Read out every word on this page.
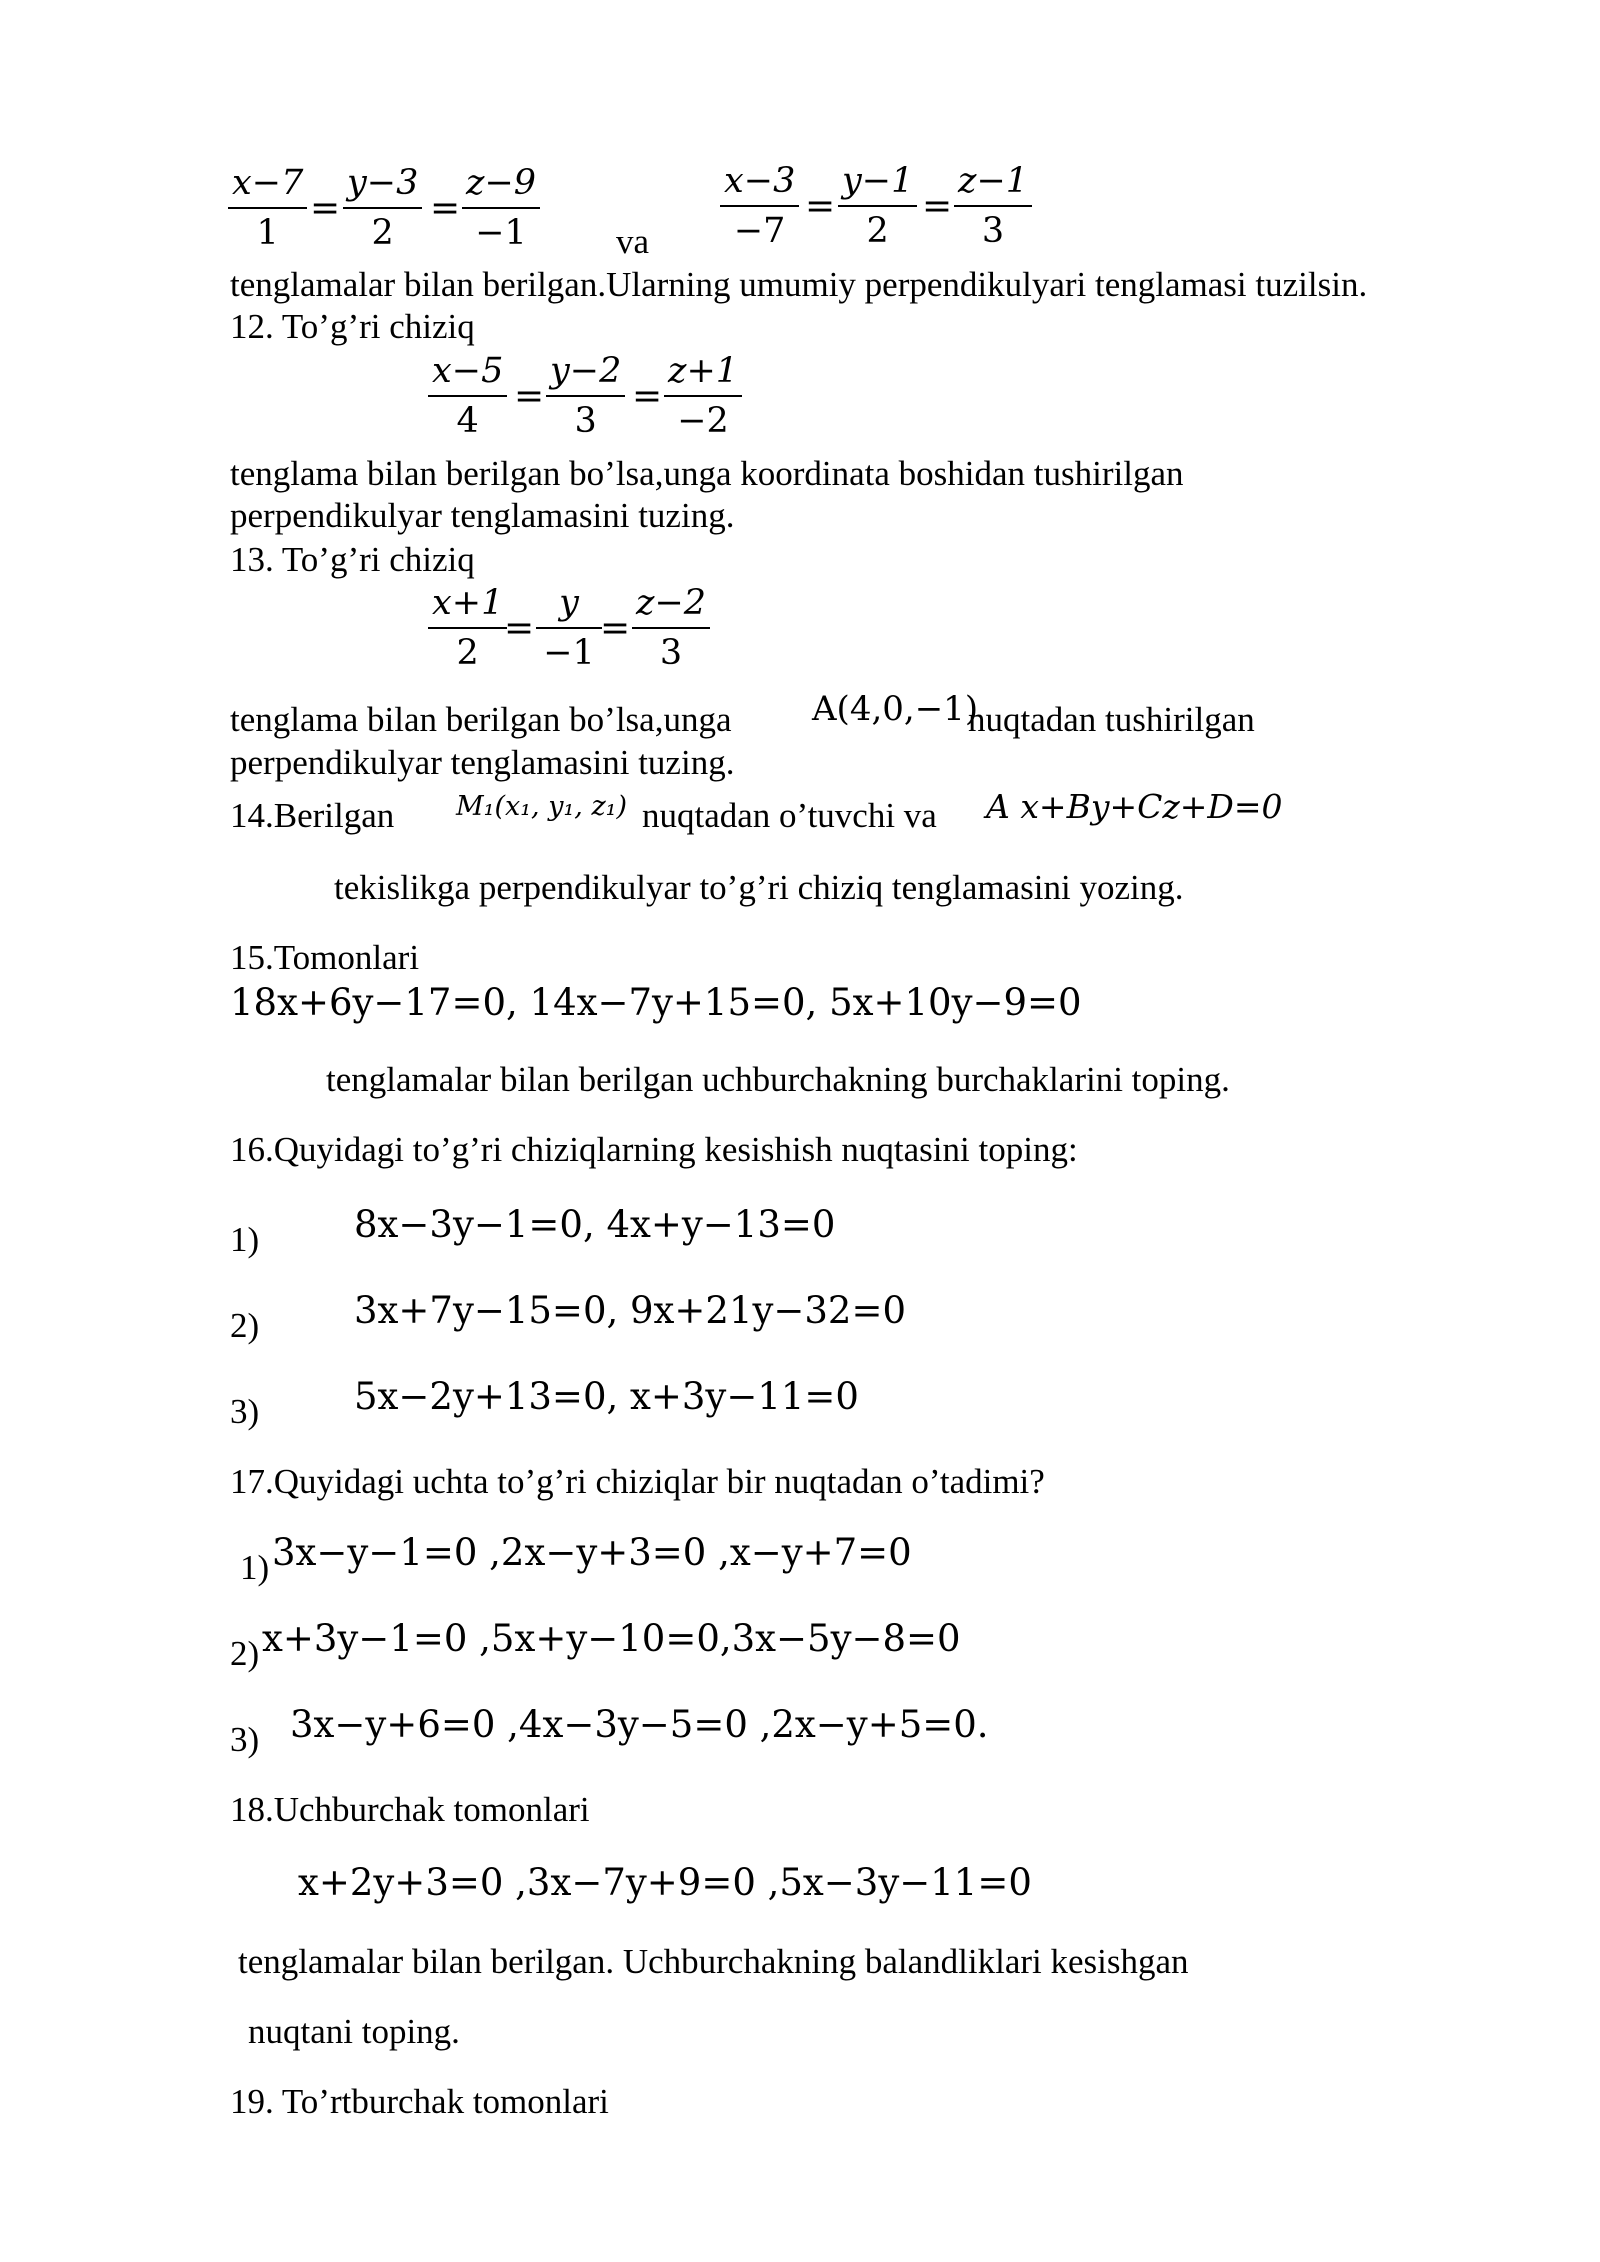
$\frac{x-7}{1} = \frac{y-3}{2} = \frac{z-9}{-1}$ va $\frac{x-3}{-7} = \frac{y-1}{2} = \frac{z-1}{3}$
tenglamalar bilan berilgan.Ularning umumiy perpendikulyari tenglamasi tuzilsin.
12. To’g’ri chiziq
$\frac{x-5}{4} = \frac{y-2}{3} = \frac{z+1}{-2}$
tenglama bilan berilgan bo’lsa,unga koordinata boshidan tushirilgan
perpendikulyar tenglamasini tuzing.
13. To’g’ri chiziq
$\frac{x+1}{2}$
= $\frac{y}{-1}$
= $\frac{z-2}{3}$
tenglama bilan berilgan bo’lsa,unga A(4,0,−1)
nuqtadan tushirilgan
perpendikulyar tenglamasini tuzing.
14.Berilgan M₁(x₁, y₁, z₁) nuqtadan o’tuvchi va A x+By+Cz+D=0
tekislikga perpendikulyar to’g’ri chiziq tenglamasini yozing.
15.Tomonlari
18x+6y−17=0, 14x−7y+15=0, 5x+10y−9=0
tenglamalar bilan berilgan uchburchakning burchaklarini toping.
16.Quyidagi to’g’ri chiziqlarning kesishish nuqtasini toping:
1)	8x−3y−1=0, 4x+y−13=0
2)	3x+7y−15=0, 9x+21y−32=0
3)	5x−2y+13=0, x+3y−11=0
17.Quyidagi uchta to’g’ri chiziqlar bir nuqtadan o’tadimi?
1) 3x−y−1=0 ,2x−y+3=0 ,x−y+7=0
2) x+3y−1=0 ,5x+y−10=0,3x−5y−8=0
3) 3x−y+6=0 ,4x−3y−5=0 ,2x−y+5=0.
18.Uchburchak tomonlari
x+2y+3=0 ,3x−7y+9=0 ,5x−3y−11=0
tenglamalar bilan berilgan. Uchburchakning balandliklari kesishgan
nuqtani toping.
19. To’rtburchak tomonlari
